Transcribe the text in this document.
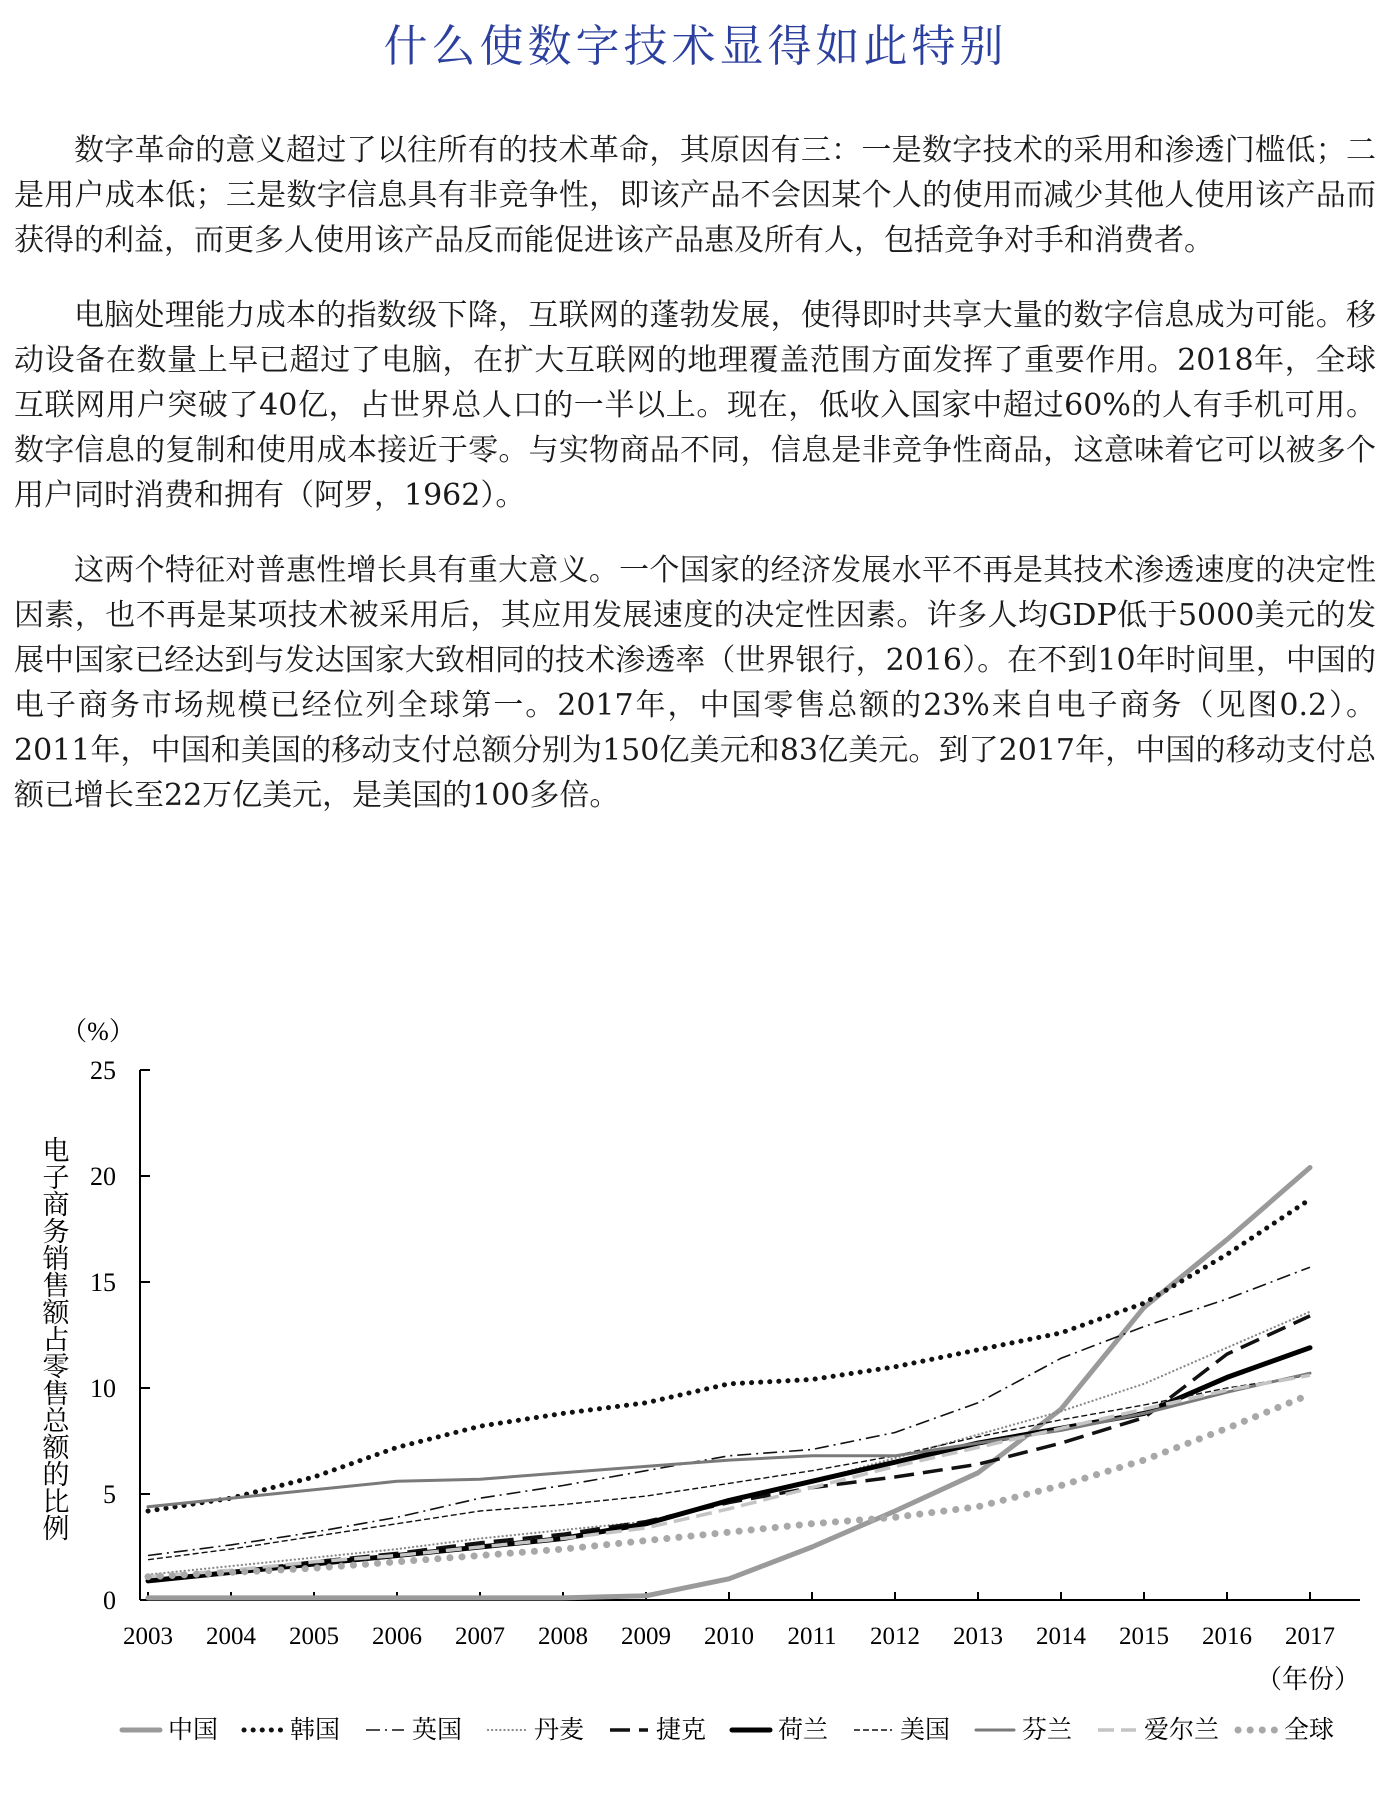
什么使数字技术显得如此特别

数字革命的意义超过了以往所有的技术革命，其原因有三：一是数字技术的采用和渗透门槛低；二是用户成本低；三是数字信息具有非竞争性，即该产品不会因某个人的使用而减少其他人使用该产品而获得的利益，而更多人使用该产品反而能促进该产品惠及所有人，包括竞争对手和消费者。

电脑处理能力成本的指数级下降，互联网的蓬勃发展，使得即时共享大量的数字信息成为可能。移动设备在数量上早已超过了电脑，在扩大互联网的地理覆盖范围方面发挥了重要作用。2018年，全球互联网用户突破了40亿，占世界总人口的一半以上。现在，低收入国家中超过60%的人有手机可用。数字信息的复制和使用成本接近于零。与实物商品不同，信息是非竞争性商品，这意味着它可以被多个用户同时消费和拥有（阿罗，1962）。

这两个特征对普惠性增长具有重大意义。一个国家的经济发展水平不再是其技术渗透速度的决定性因素，也不再是某项技术被采用后，其应用发展速度的决定性因素。许多人均GDP低于5000美元的发展中国家已经达到与发达国家大致相同的技术渗透率（世界银行，2016）。在不到10年时间里，中国的电子商务市场规模已经位列全球第一。2017年，中国零售总额的23%来自电子商务（见图0.2）。2011年，中国和美国的移动支付总额分别为150亿美元和83亿美元。到了2017年，中国的移动支付总额已增长至22万亿美元，是美国的100多倍。

（%）
（年份）
电子商务销售额占零售总额的比例
0
5
10
15
20
25
2003 2004 2005 2006 2007 2008 2009 2010 2011 2012 2013 2014 2015 2016 2017
中国	韩国	英国	丹麦	捷克	荷兰	美国	芬兰	爱尔兰	全球
